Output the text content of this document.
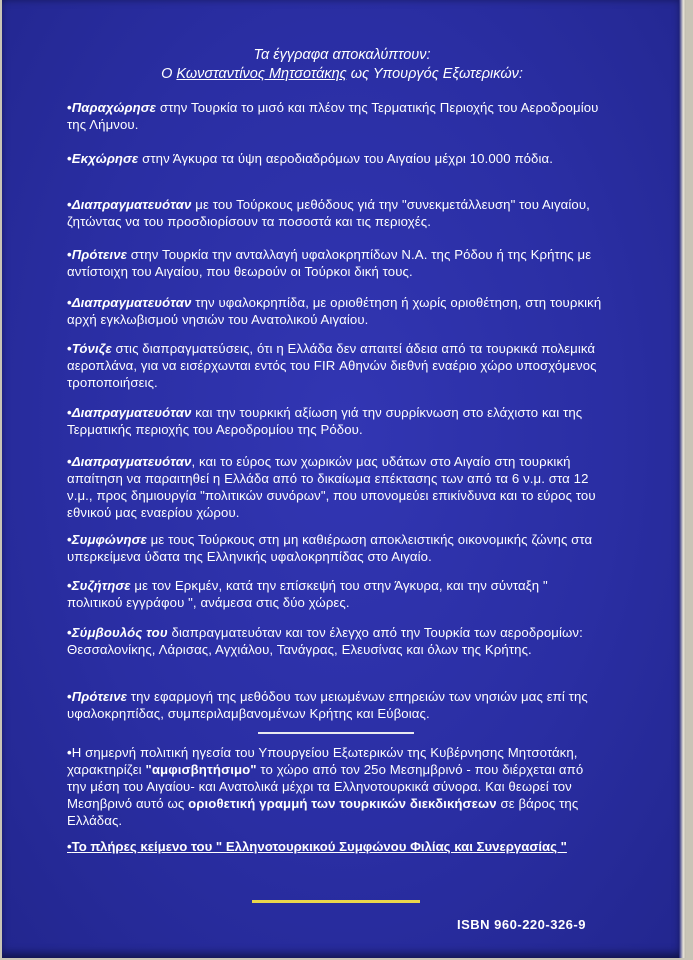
Τα έγγραφα αποκαλύπτουν:
Ο Κωνσταντίνος Μητσοτάκης ως Υπουργός Εξωτερικών:
•Παραχώρησε στην Τουρκία το μισό και πλέον της Τερματικής Περιοχής του Αεροδρομίου της Λήμνου.
•Εκχώρησε στην Άγκυρα τα ύψη αεροδιαδρόμων του Αιγαίου μέχρι 10.000 πόδια.
•Διαπραγματευόταν με του Τούρκους μεθόδους γιά την "συνεκμετάλλευση" του Αιγαίου, ζητώντας να του προσδιορίσουν τα ποσοστά και τις περιοχές.
•Πρότεινε στην Τουρκία την ανταλλαγή υφαλοκρηπίδων Ν.Α. της Ρόδου ή της Κρήτης με αντίστοιχη του Αιγαίου, που θεωρούν οι Τούρκοι δική τους.
•Διαπραγματευόταν την υφαλοκρηπίδα, με οριοθέτηση ή χωρίς οριοθέτηση, στη τουρκική αρχή εγκλωβισμού νησιών του Ανατολικού Αιγαίου.
•Τόνιζε στις διαπραγματεύσεις, ότι η Ελλάδα δεν απαιτεί άδεια από τα τουρκικά πολεμικά αεροπλάνα, για να εισέρχωνται εντός του FIR Αθηνών διεθνή εναέριο χώρο υποσχόμενος τροποποιήσεις.
•Διαπραγματευόταν και την τουρκική αξίωση γιά την συρρίκνωση στο ελάχιστο και της Τερματικής περιοχής του Αεροδρομίου της Ρόδου.
•Διαπραγματευόταν, και το εύρος των χωρικών μας υδάτων στο Αιγαίο στη τουρκική απαίτηση να παραιτηθεί η Ελλάδα από το δικαίωμα επέκτασης των από τα 6 ν.μ. στα 12 ν.μ., προς δημιουργία "πολιτικών συνόρων", που υπονομεύει επικίνδυνα και το εύρος του εθνικού μας εναερίου χώρου.
•Συμφώνησε με τους Τούρκους στη μη καθιέρωση αποκλειστικής οικονομικής ζώνης στα υπερκείμενα ύδατα της Ελληνικής υφαλοκρηπίδας στο Αιγαίο.
•Συζήτησε με τον Ερκμέν, κατά την επίσκεψή του στην Άγκυρα, και την σύνταξη " πολιτικού εγγράφου ", ανάμεσα στις δύο χώρες.
•Σύμβουλός του διαπραγματευόταν και τον έλεγχο από την Τουρκία των αεροδρομίων: Θεσσαλονίκης, Λάρισας, Αγχιάλου, Τανάγρας, Ελευσίνας και όλων της Κρήτης.
•Πρότεινε την εφαρμογή της μεθόδου των μειωμένων επηρειών των νησιών μας επί της υφαλοκρηπίδας, συμπεριλαμβανομένων Κρήτης και Εύβοιας.
•Η σημερνή πολιτική ηγεσία του Υπουργείου Εξωτερικών της Κυβέρνησης Μητσοτάκη, χαρακτηρίζει "αμφισβητήσιμο" το χώρο από τον 25ο Μεσημβρινό - που διέρχεται από την μέση του Αιγαίου- και Ανατολικά μέχρι τα Ελληνοτουρκικά σύνορα. Και θεωρεί τον Μεσηβρινό αυτό ως οριοθετική γραμμή των τουρκικών διεκδικήσεων σε βάρος της Ελλάδας.
•Το πλήρες κείμενο του " Ελληνοτουρκικού Συμφώνου Φιλίας και Συνεργασίας "
ISBN 960-220-326-9
